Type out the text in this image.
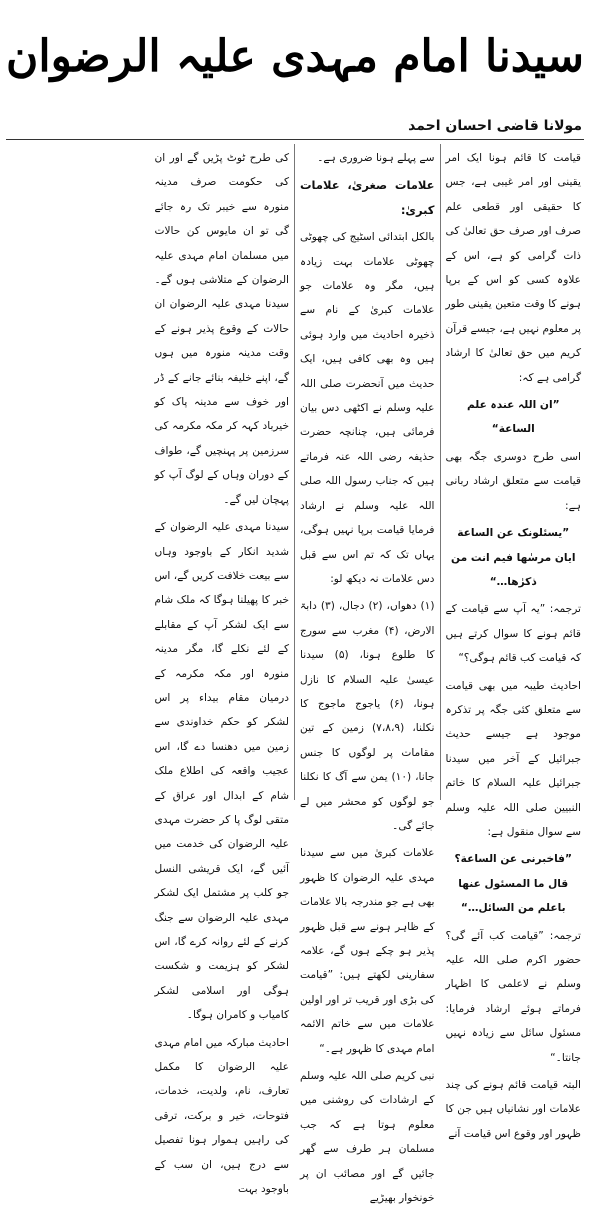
سیدنا امام مہدی علیہ الرضوان
مولانا قاضی احسان احمد

قیامت کا قائم ہونا ایک امر یقینی اور امر غیبی ہے، جس کا حقیقی اور قطعی علم صرف اور صرف حق تعالیٰ کی ذات گرامی کو ہے، اس کے علاوہ کسی کو اس کے برپا ہونے کا وقت متعین یقینی طور پر معلوم نہیں ہے، جیسے قرآن کریم میں حق تعالیٰ کا ارشاد گرامی ہے کہ:

”ان اللہ عندہ علم الساعة“

اسی طرح دوسری جگہ بھی قیامت سے متعلق ارشاد ربانی ہے:

”یسئلونک عن الساعة ایان مرسٰھا فیم انت من ذکرٰھا…“

ترجمہ: ”یہ آپ سے قیامت کے قائم ہونے کا سوال کرتے ہیں کہ قیامت کب قائم ہوگی؟“

احادیث طیبہ میں بھی قیامت سے متعلق کئی جگہ پر تذکرہ موجود ہے جیسے حدیث جبرائیل کے آخر میں سیدنا جبرائیل علیہ السلام کا خاتم النبیین صلی اللہ علیہ وسلم سے سوال منقول ہے:

”فاخبرنی عن الساعة؟ قال ما المسئول عنھا باعلم من السائل…“

ترجمہ: ”قیامت کب آئے گی؟ حضور اکرم صلی اللہ علیہ وسلم نے لاعلمی کا اظہار فرماتے ہوئے ارشاد فرمایا: مسئول سائل سے زیادہ نہیں جانتا۔“

البتہ قیامت قائم ہونے کی چند علامات اور نشانیاں ہیں جن کا ظہور اور وقوع اس قیامت آنے

سے پہلے ہونا ضروری ہے۔

علامات صغریٰ، علامات کبریٰ:

بالکل ابتدائی اسٹیج کی چھوٹی چھوٹی علامات بہت زیادہ ہیں، مگر وہ علامات جو علامات کبریٰ کے نام سے ذخیرہ احادیث میں وارد ہوئی ہیں وہ بھی کافی ہیں، ایک حدیث میں آنحضرت صلی اللہ علیہ وسلم نے اکٹھی دس بیان فرمائی ہیں، چنانچہ حضرت حذیفہ رضی اللہ عنہ فرماتے ہیں کہ جناب رسول اللہ صلی اللہ علیہ وسلم نے ارشاد فرمایا قیامت برپا نہیں ہوگی، یہاں تک کہ تم اس سے قبل دس علامات نہ دیکھ لو:

(۱) دھواں، (۲) دجال، (۳) دابۃ الارض، (۴) مغرب سے سورج کا طلوع ہونا، (۵) سیدنا عیسیٰ علیہ السلام کا نازل ہونا، (۶) یاجوج ماجوج کا نکلنا، (۷،۸،۹) زمین کے تین مقامات پر لوگوں کا جنس جانا، (۱۰) یمن سے آگ کا نکلنا جو لوگوں کو محشر میں لے جائے گی۔

علامات کبریٰ میں سے سیدنا مہدی علیہ الرضوان کا ظہور بھی ہے جو مندرجہ بالا علامات کے ظاہر ہونے سے قبل ظہور پذیر ہو چکے ہوں گے، علامہ سفارینی لکھتے ہیں: ”قیامت کی بڑی اور قریب تر اور اولین علامات میں سے خاتم الائمہ امام مہدی کا ظہور ہے۔“

نبی کریم صلی اللہ علیہ وسلم کے ارشادات کی روشنی میں معلوم ہوتا ہے کہ جب مسلمان ہر طرف سے گھر جائیں گے اور مصائب ان پر خونخوار بھیڑیے

کی طرح ٹوٹ پڑیں گے اور ان کی حکومت صرف مدینہ منورہ سے خیبر تک رہ جائے گی تو ان مایوس کن حالات میں مسلمان امام مہدی علیہ الرضوان کے متلاشی ہوں گے۔ سیدنا مہدی علیہ الرضوان ان حالات کے وقوع پذیر ہونے کے وقت مدینہ منورہ میں ہوں گے، اپنے خلیفہ بنائے جانے کے ڈر اور خوف سے مدینہ پاک کو خیرباد کہہ کر مکہ مکرمہ کی سرزمین پر پہنچیں گے، طواف کے دوران وہاں کے لوگ آپ کو پہچان لیں گے۔

سیدنا مہدی علیہ الرضوان کے شدید انکار کے باوجود وہاں سے بیعت خلافت کریں گے، اس خبر کا پھیلنا ہوگا کہ ملک شام سے ایک لشکر آپ کے مقابلے کے لئے نکلے گا، مگر مدینہ منورہ اور مکہ مکرمہ کے درمیان مقام بیداء پر اس لشکر کو حکم خداوندی سے زمین میں دھنسا دے گا، اس عجیب واقعہ کی اطلاع ملک شام کے ابدال اور عراق کے متقی لوگ پا کر حضرت مہدی علیہ الرضوان کی خدمت میں آئیں گے، ایک قریشی النسل جو کلب پر مشتمل ایک لشکر مہدی علیہ الرضوان سے جنگ کرنے کے لئے روانہ کرے گا، اس لشکر کو ہزیمت و شکست ہوگی اور اسلامی لشکر کامیاب و کامران ہوگا۔

احادیث مبارکہ میں امام مہدی علیہ الرضوان کا مکمل تعارف، نام، ولدیت، خدمات، فتوحات، خیر و برکت، ترقی کی راہیں ہموار ہونا تفصیل سے درج ہیں، ان سب کے باوجود بہت
